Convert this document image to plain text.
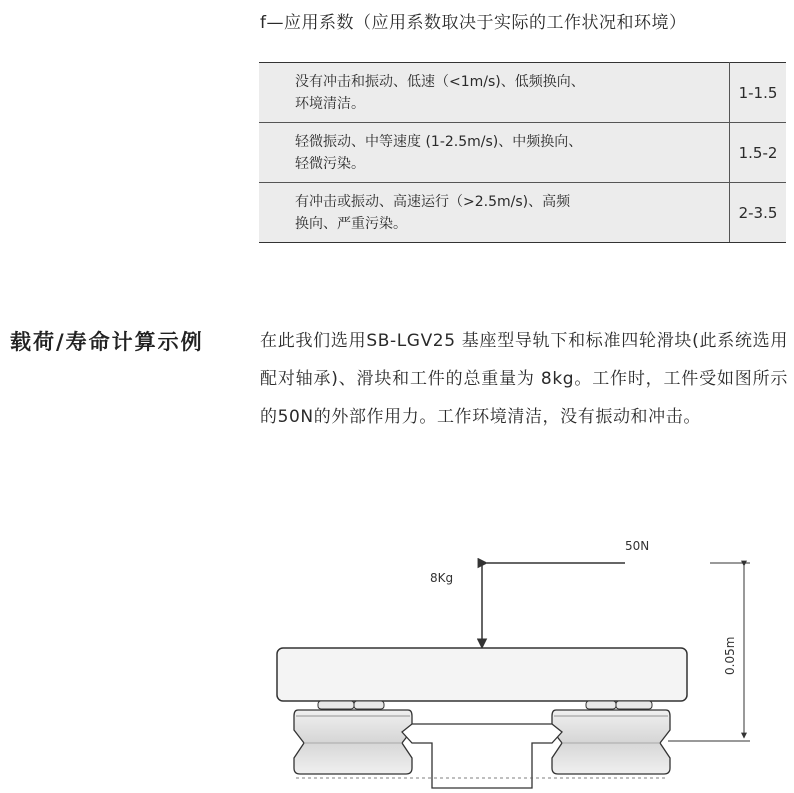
f—应用系数（应用系数取决于实际的工作状况和环境）
没有冲击和振动、低速（<1m/s)、低频换向、
环境清洁。	1-1.5

轻微振动、中等速度 (1-2.5m/s)、中频换向、
轻微污染。	1.5-2

有冲击或振动、高速运行（>2.5m/s)、高频
换向、严重污染。	2-3.5
载荷/寿命计算示例	在此我们选用SB-LGV25 基座型导轨下和标准四轮滑块(此系统选用配对轴承)、滑块和工件的总重量为 8kg。工作时，工件受如图所示的50N的外部作用力。工作环境清洁，没有振动和冲击。
50N
8Kg
0.05m
